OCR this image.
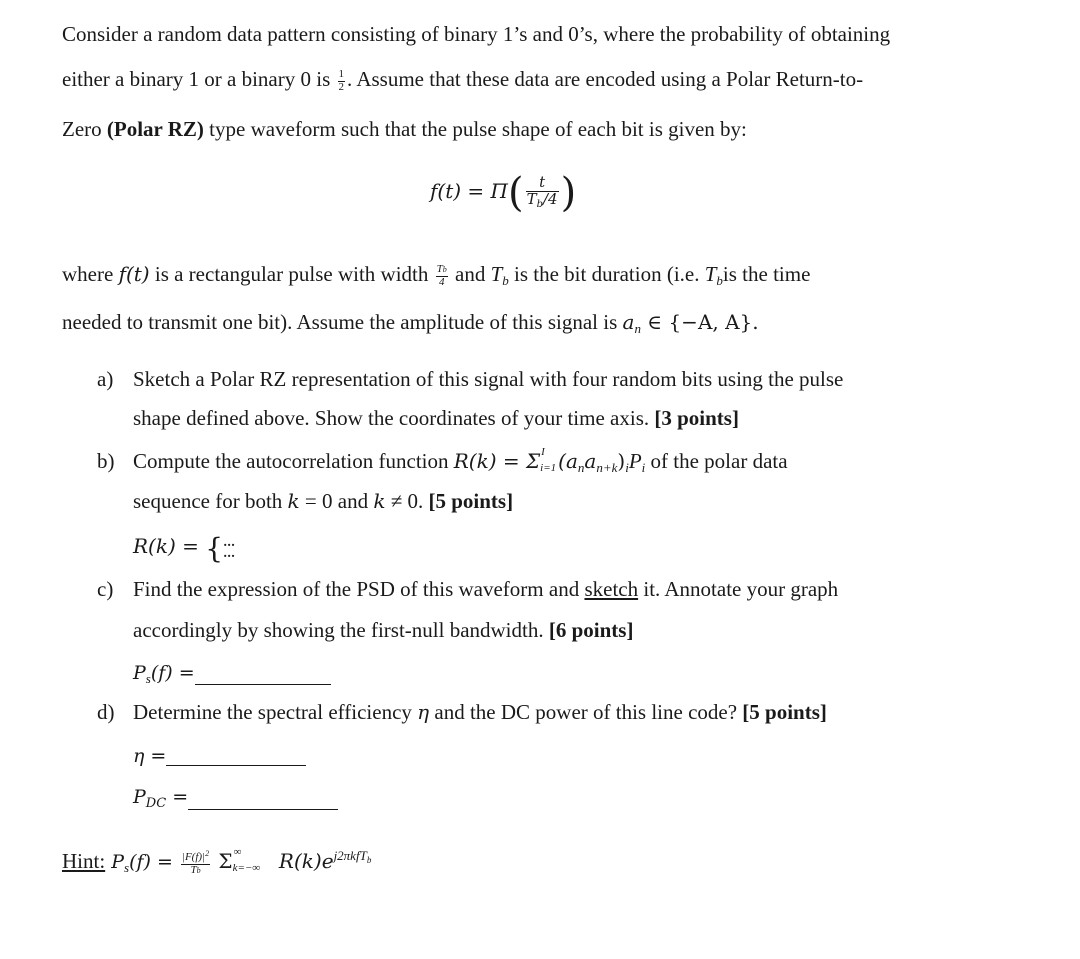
Consider a random data pattern consisting of binary 1’s and 0’s, where the probability of obtaining
either a binary 1 or a binary 0 is $\frac{1}{2}$ . Assume that these data are encoded using a Polar Return-to-
Zero (Polar RZ) type waveform such that the pulse shape of each bit is given by:
$f(t) = \Pi( \frac{t}{T_b/4}$ )
where f(t) is a rectangular pulse with width $\frac{Tb}{4}$ and $T_b$ is the bit duration (i.e. $T_bis$ the time
needed to transmit one bit). Assume the amplitude of this signal is $a_n$ ∈ {−A, A}.
a) Sketch a Polar RZ representation of this signal with four random bits using the pulse
shape defined above. Show the coordinates of your time axis. [3 points]
b) Compute the autocorrelation function R(k) = Σ I
i=1 $(a_na_{n+k})_iP_i$ of the polar data
sequence for both k = 0 and k ≠ 0. [5 points]
R(k) = { …
…
c) Find the expression of the PSD of this waveform and sketch it. Annotate your graph
accordingly by showing the first-null bandwidth. [6 points]
$P_s(f)$ =
d) Determine the spectral efficiency η and the DC power of this line code? [5 points]
η =
$P_{DC}$ =
Hint: $P_s(f) = \frac{|F(f)|^2}{Tb}$ Σ ∞
k=−∞ $R(k)e^{j2\pi kfTb}$
